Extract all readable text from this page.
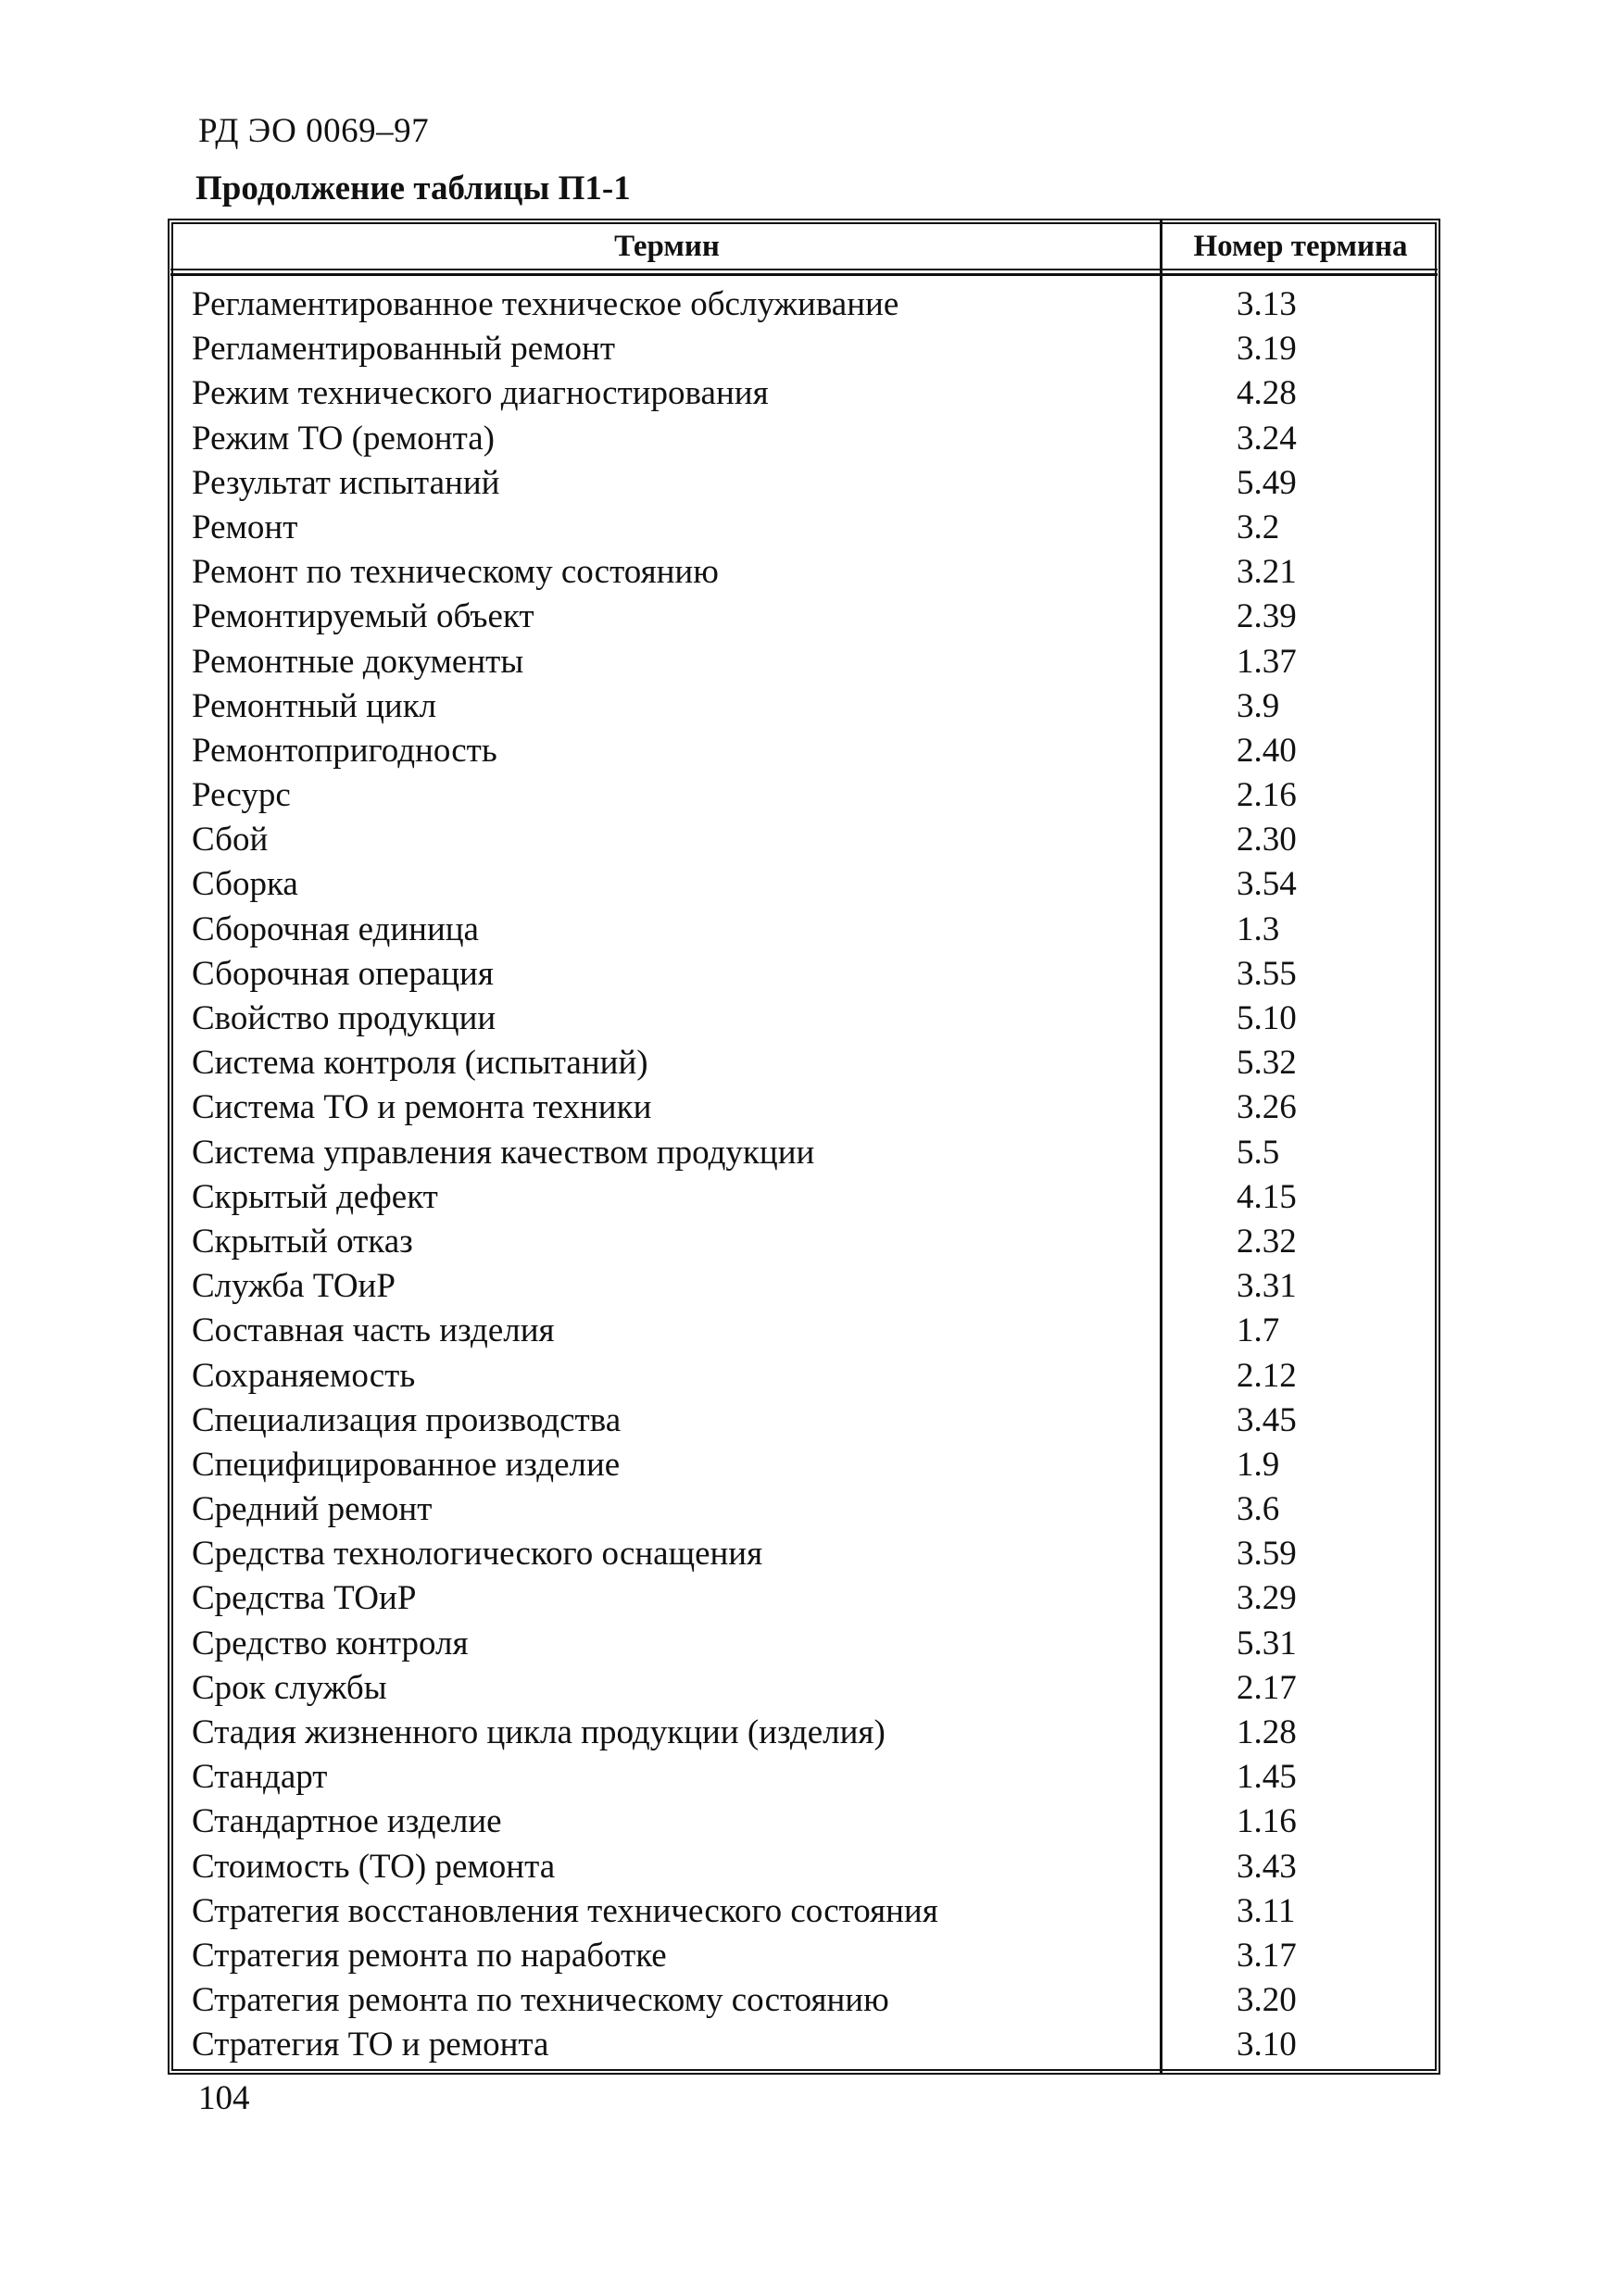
РД ЭО 0069–97
Продолжение таблицы П1-1
Термин	Номер термина
Регламентированное техническое обслуживание	3.13
Регламентированный ремонт	3.19
Режим технического диагностирования	4.28
Режим ТО (ремонта)	3.24
Результат испытаний	5.49
Ремонт	3.2
Ремонт по техническому состоянию	3.21
Ремонтируемый объект	2.39
Ремонтные документы	1.37
Ремонтный цикл	3.9
Ремонтопригодность	2.40
Ресурс	2.16
Сбой	2.30
Сборка	3.54
Сборочная единица	1.3
Сборочная операция	3.55
Свойство продукции	5.10
Система контроля (испытаний)	5.32
Система ТО и ремонта техники	3.26
Система управления качеством продукции	5.5
Скрытый дефект	4.15
Скрытый отказ	2.32
Служба ТОиР	3.31
Составная часть изделия	1.7
Сохраняемость	2.12
Специализация производства	3.45
Специфицированное изделие	1.9
Средний ремонт	3.6
Средства технологического оснащения	3.59
Средства ТОиР	3.29
Средство контроля	5.31
Срок службы	2.17
Стадия жизненного цикла продукции (изделия)	1.28
Стандарт	1.45
Стандартное изделие	1.16
Стоимость (ТО) ремонта	3.43
Стратегия восстановления технического состояния	3.11
Стратегия ремонта по наработке	3.17
Стратегия ремонта по техническому состоянию	3.20
Стратегия ТО и ремонта	3.10
104
